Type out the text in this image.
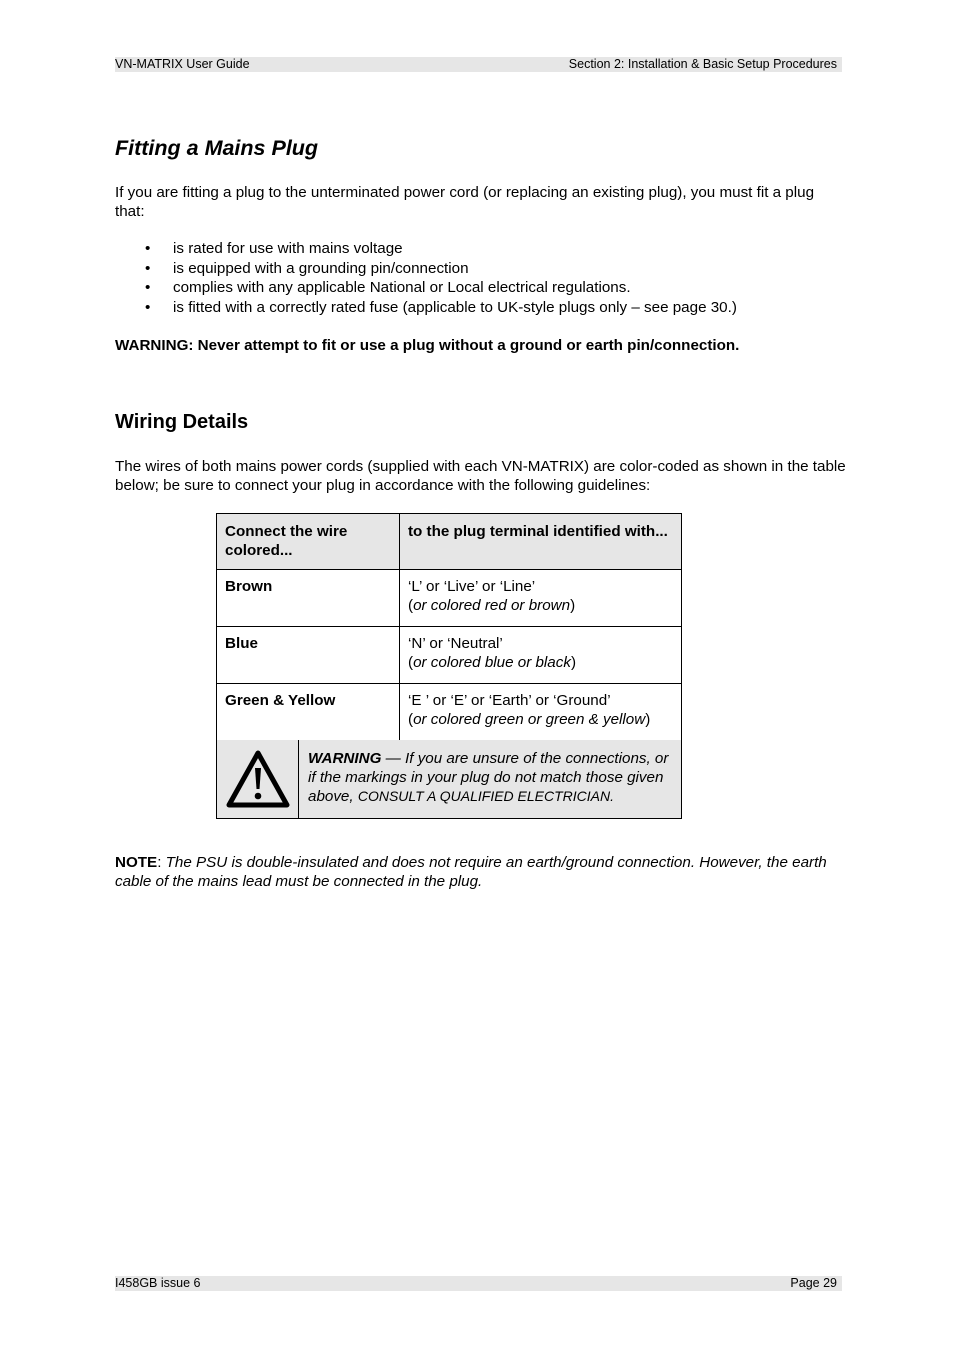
VN-MATRIX User Guide	Section 2: Installation & Basic Setup Procedures
Fitting a Mains Plug

If you are fitting a plug to the unterminated power cord (or replacing an existing plug), you must fit a plug that:

• is rated for use with mains voltage
• is equipped with a grounding pin/connection
• complies with any applicable National or Local electrical regulations.
• is fitted with a correctly rated fuse (applicable to UK-style plugs only – see page 30.)

WARNING: Never attempt to fit or use a plug without a ground or earth pin/connection.

Wiring Details

The wires of both mains power cords (supplied with each VN-MATRIX) are color-coded as shown in the table below; be sure to connect your plug in accordance with the following guidelines:

Connect the wire colored...	to the plug terminal identified with...
Brown	‘L’ or ‘Live’ or ‘Line’
(or colored red or brown)
Blue	‘N’ or ‘Neutral’
(or colored blue or black)
Green & Yellow	‘E ’ or ‘E’ or ‘Earth’ or ‘Ground’
(or colored green or green & yellow)
WARNING — If you are unsure of the connections, or if the markings in your plug do not match those given above, CONSULT A QUALIFIED ELECTRICIAN.

NOTE: The PSU is double-insulated and does not require an earth/ground connection. However, the earth cable of the mains lead must be connected in the plug.

I458GB issue 6	Page 29
